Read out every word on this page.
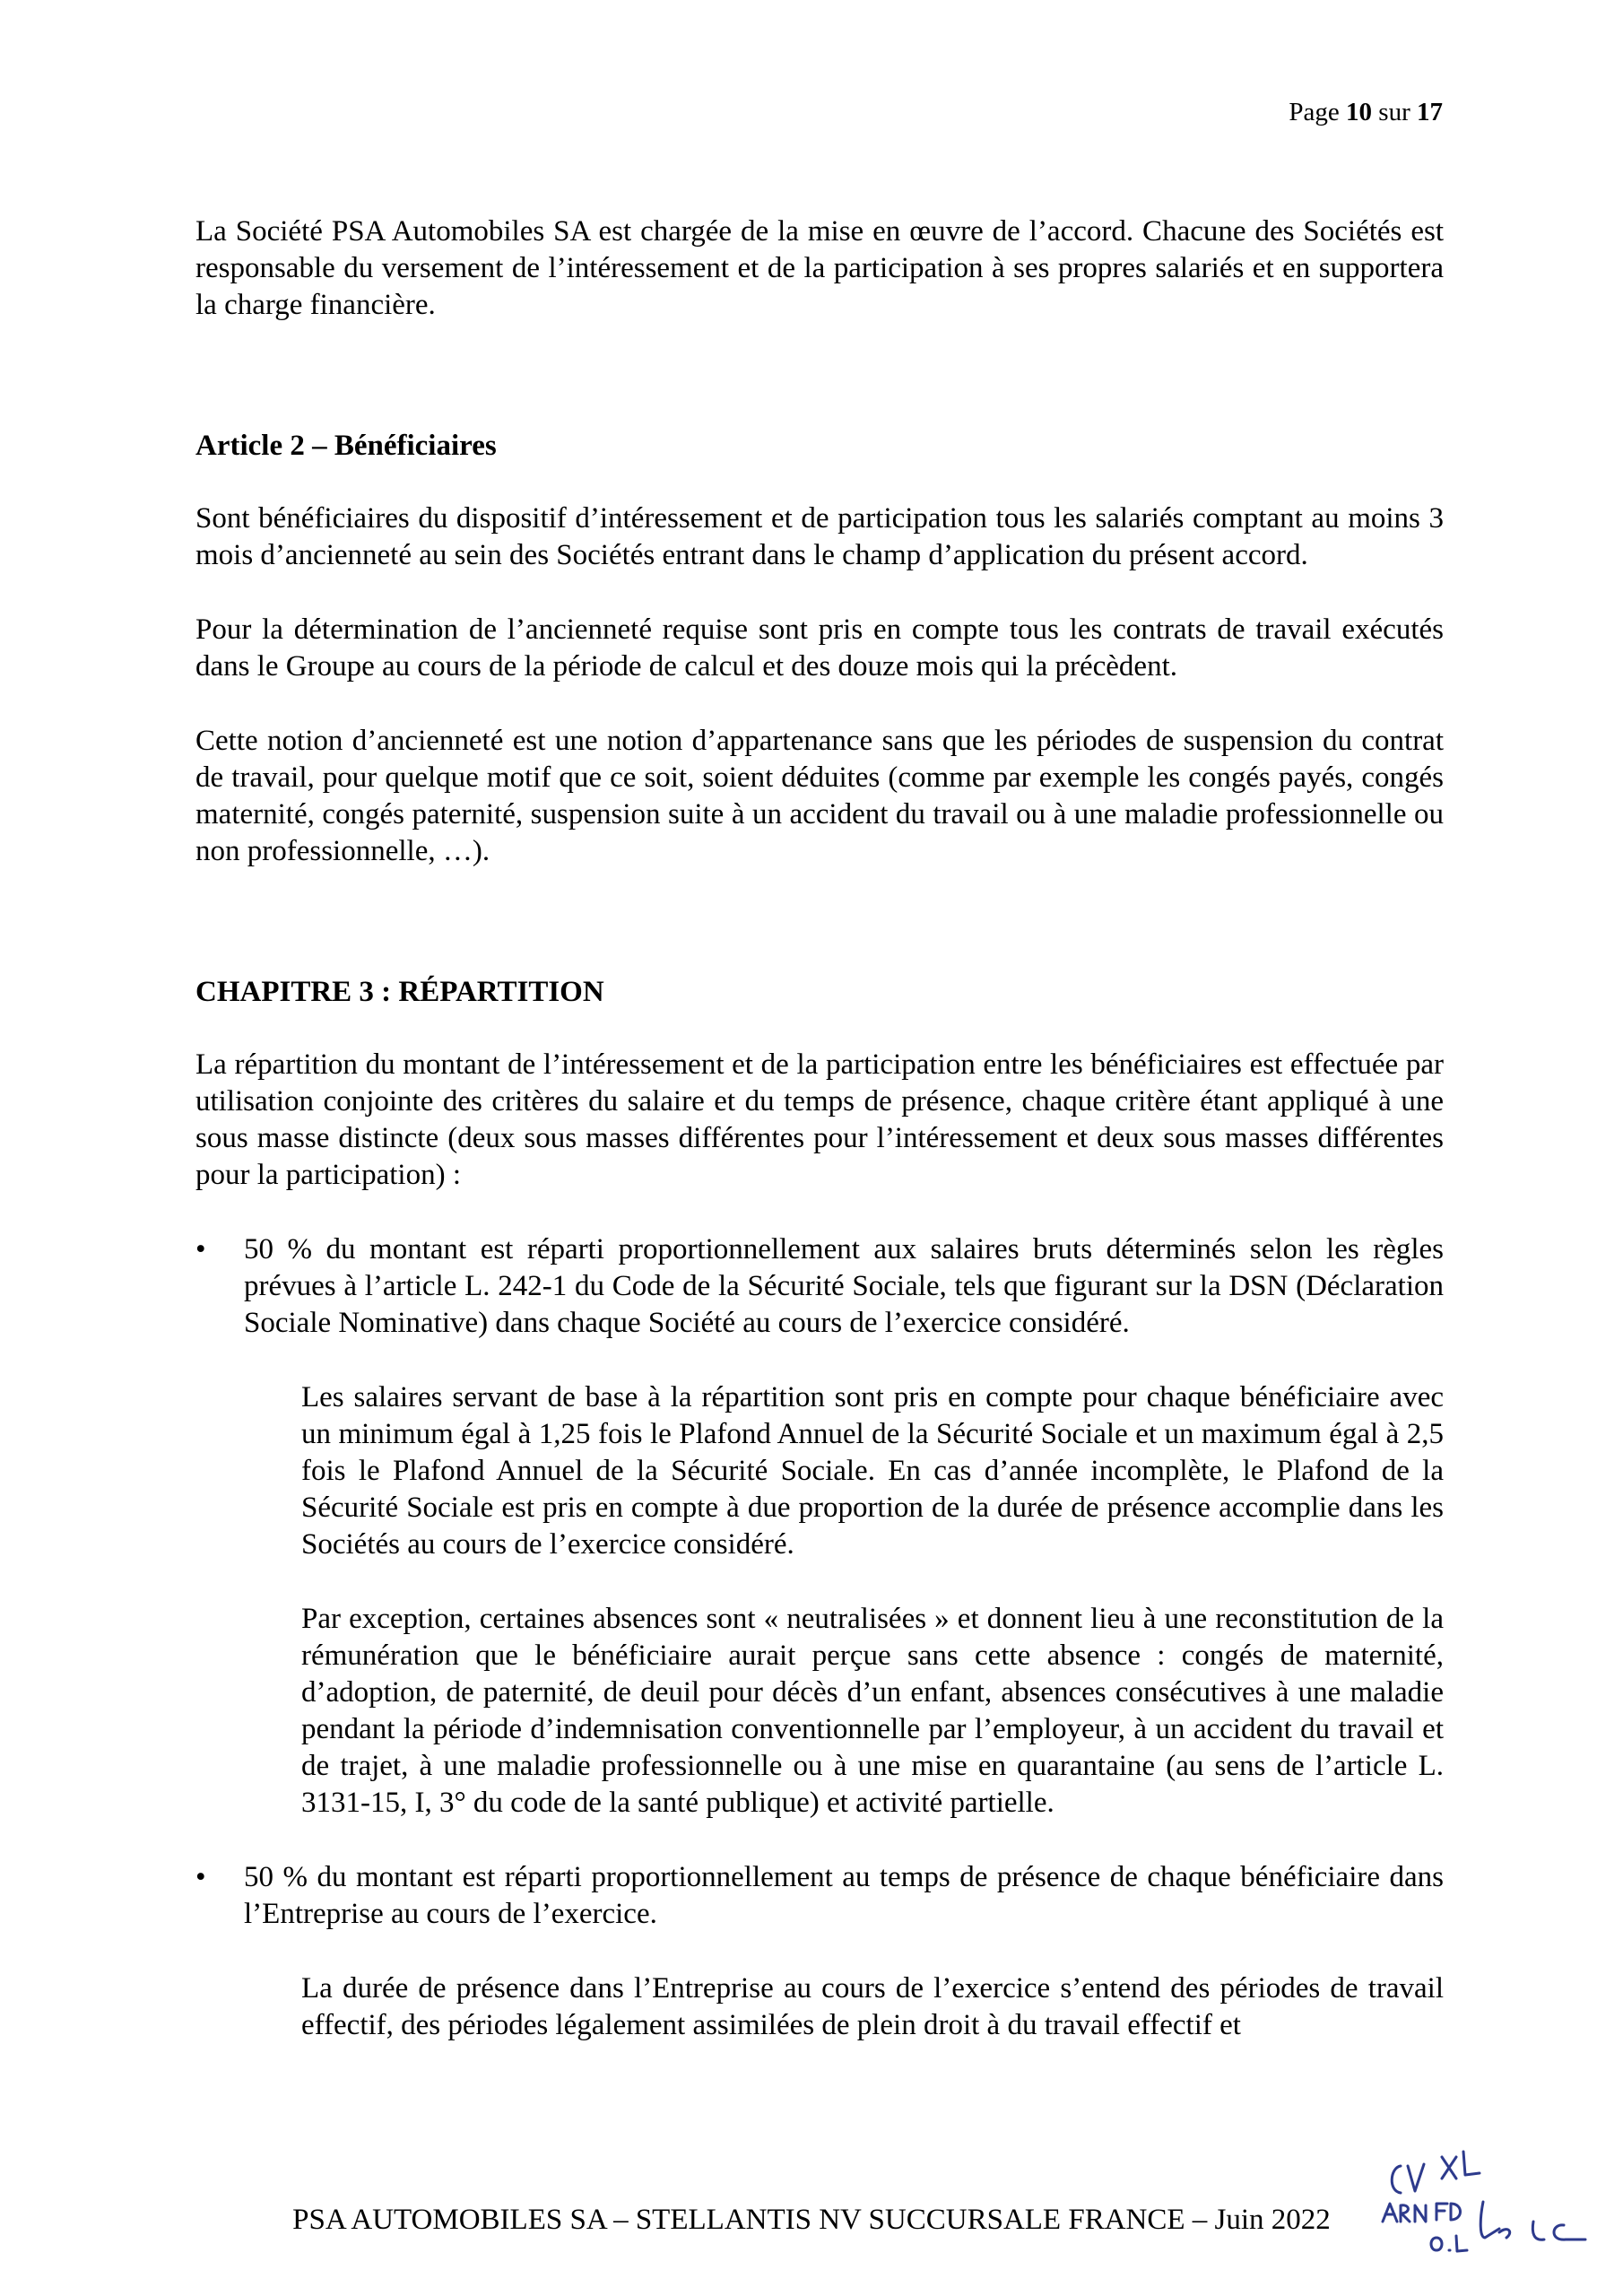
Page 10 sur 17

La Société PSA Automobiles SA est chargée de la mise en œuvre de l’accord. Chacune des Sociétés est responsable du versement de l’intéressement et de la participation à ses propres salariés et en supportera la charge financière.

Article 2 – Bénéficiaires

Sont bénéficiaires du dispositif d’intéressement et de participation tous les salariés comptant au moins 3 mois d’ancienneté au sein des Sociétés entrant dans le champ d’application du présent accord.

Pour la détermination de l’ancienneté requise sont pris en compte tous les contrats de travail exécutés dans le Groupe au cours de la période de calcul et des douze mois qui la précèdent.

Cette notion d’ancienneté est une notion d’appartenance sans que les périodes de suspension du contrat de travail, pour quelque motif que ce soit, soient déduites (comme par exemple les congés payés, congés maternité, congés paternité, suspension suite à un accident du travail ou à une maladie professionnelle ou non professionnelle, …).

CHAPITRE 3 : RÉPARTITION

La répartition du montant de l’intéressement et de la participation entre les bénéficiaires est effectuée par utilisation conjointe des critères du salaire et du temps de présence, chaque critère étant appliqué à une sous masse distincte (deux sous masses différentes pour l’intéressement et deux sous masses différentes pour la participation) :

• 50 % du montant est réparti proportionnellement aux salaires bruts déterminés selon les règles prévues à l’article L. 242-1 du Code de la Sécurité Sociale, tels que figurant sur la DSN (Déclaration Sociale Nominative) dans chaque Société au cours de l’exercice considéré.

Les salaires servant de base à la répartition sont pris en compte pour chaque bénéficiaire avec un minimum égal à 1,25 fois le Plafond Annuel de la Sécurité Sociale et un maximum égal à 2,5 fois le Plafond Annuel de la Sécurité Sociale. En cas d’année incomplète, le Plafond de la Sécurité Sociale est pris en compte à due proportion de la durée de présence accomplie dans les Sociétés au cours de l’exercice considéré.

Par exception, certaines absences sont « neutralisées » et donnent lieu à une reconstitution de la rémunération que le bénéficiaire aurait perçue sans cette absence : congés de maternité, d’adoption, de paternité, de deuil pour décès d’un enfant, absences consécutives à une maladie pendant la période d’indemnisation conventionnelle par l’employeur, à un accident du travail et de trajet, à une maladie professionnelle ou à une mise en quarantaine (au sens de l’article L. 3131-15, I, 3° du code de la santé publique) et activité partielle.

• 50 % du montant est réparti proportionnellement au temps de présence de chaque bénéficiaire dans l’Entreprise au cours de l’exercice.

La durée de présence dans l’Entreprise au cours de l’exercice s’entend des périodes de travail effectif, des périodes légalement assimilées de plein droit à du travail effectif et

PSA AUTOMOBILES SA – STELLANTIS NV SUCCURSALE FRANCE – Juin 2022
